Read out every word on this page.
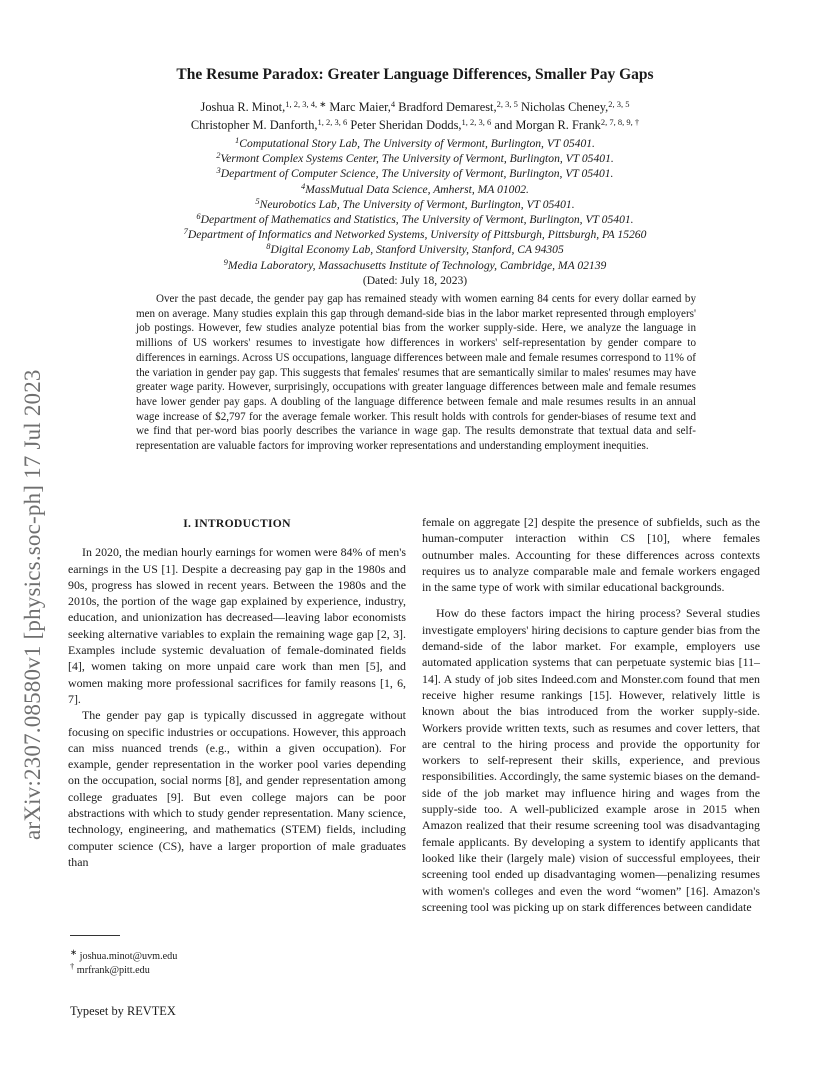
arXiv:2307.08580v1 [physics.soc-ph] 17 Jul 2023
The Resume Paradox: Greater Language Differences, Smaller Pay Gaps
Joshua R. Minot,$^{1, 2, 3, 4, ∗}$ Marc Maier,$^4$ Bradford Demarest,$^{2, 3, 5}$ Nicholas Cheney,$^{2, 3, 5}$
Christopher M. Danforth,$^{1, 2, 3, 6}$ Peter Sheridan Dodds,$^{1, 2, 3, 6}$ and Morgan R. Frank$^{2, 7, 8, 9, \dagger}$
$^1$Computational Story Lab, The University of Vermont, Burlington, VT 05401.
$^2$Vermont Complex Systems Center, The University of Vermont, Burlington, VT 05401.
$^3$Department of Computer Science, The University of Vermont, Burlington, VT 05401.
$^4$MassMutual Data Science, Amherst, MA 01002.
$^5$Neurobotics Lab, The University of Vermont, Burlington, VT 05401.
$^6$Department of Mathematics and Statistics, The University of Vermont, Burlington, VT 05401.
$^7$Department of Informatics and Networked Systems, University of Pittsburgh, Pittsburgh, PA 15260
$^8$Digital Economy Lab, Stanford University, Stanford, CA 94305
$^9$Media Laboratory, Massachusetts Institute of Technology, Cambridge, MA 02139
(Dated: July 18, 2023)

Over the past decade, the gender pay gap has remained steady with women earning 84 cents for every dollar earned by men on average. Many studies explain this gap through demand-side bias in the labor market represented through employers' job postings. However, few studies analyze potential bias from the worker supply-side. Here, we analyze the language in millions of US workers' resumes to investigate how differences in workers' self-representation by gender compare to differences in earnings. Across US occupations, language differences between male and female resumes correspond to 11% of the variation in gender pay gap. This suggests that females' resumes that are semantically similar to males' resumes may have greater wage parity. However, surprisingly, occupations with greater language differences between male and female resumes have lower gender pay gaps. A doubling of the language difference between female and male resumes results in an annual wage increase of $2,797 for the average female worker. This result holds with controls for gender-biases of resume text and we find that per-word bias poorly describes the variance in wage gap. The results demonstrate that textual data and self-representation are valuable factors for improving worker representations and understanding employment inequities.

I. INTRODUCTION

In 2020, the median hourly earnings for women were 84% of men's earnings in the US [1]. Despite a decreasing pay gap in the 1980s and 90s, progress has slowed in recent years. Between the 1980s and the 2010s, the portion of the wage gap explained by experience, industry, education, and unionization has decreased—leaving labor economists seeking alternative variables to explain the remaining wage gap [2, 3]. Examples include systemic devaluation of female-dominated fields [4], women taking on more unpaid care work than men [5], and women making more professional sacrifices for family reasons [1, 6, 7].

The gender pay gap is typically discussed in aggregate without focusing on specific industries or occupations. However, this approach can miss nuanced trends (e.g., within a given occupation). For example, gender representation in the worker pool varies depending on the occupation, social norms [8], and gender representation among college graduates [9]. But even college majors can be poor abstractions with which to study gender representation. Many science, technology, engineering, and mathematics (STEM) fields, including computer science (CS), have a larger proportion of male graduates than

female on aggregate [2] despite the presence of subfields, such as the human-computer interaction within CS [10], where females outnumber males. Accounting for these differences across contexts requires us to analyze comparable male and female workers engaged in the same type of work with similar educational backgrounds.

How do these factors impact the hiring process? Several studies investigate employers' hiring decisions to capture gender bias from the demand-side of the labor market. For example, employers use automated application systems that can perpetuate systemic bias [11–14]. A study of job sites Indeed.com and Monster.com found that men receive higher resume rankings [15]. However, relatively little is known about the bias introduced from the worker supply-side. Workers provide written texts, such as resumes and cover letters, that are central to the hiring process and provide the opportunity for workers to self-represent their skills, experience, and previous responsibilities. Accordingly, the same systemic biases on the demand-side of the job market may influence hiring and wages from the supply-side too. A well-publicized example arose in 2015 when Amazon realized that their resume screening tool was disadvantaging female applicants. By developing a system to identify applicants that looked like their (largely male) vision of successful employees, their screening tool ended up disadvantaging women—penalizing resumes with women's colleges and even the word “women” [16]. Amazon's screening tool was picking up on stark differences between candidate

∗ joshua.minot@uvm.edu
† mrfrank@pitt.edu
Typeset by REVTEX
